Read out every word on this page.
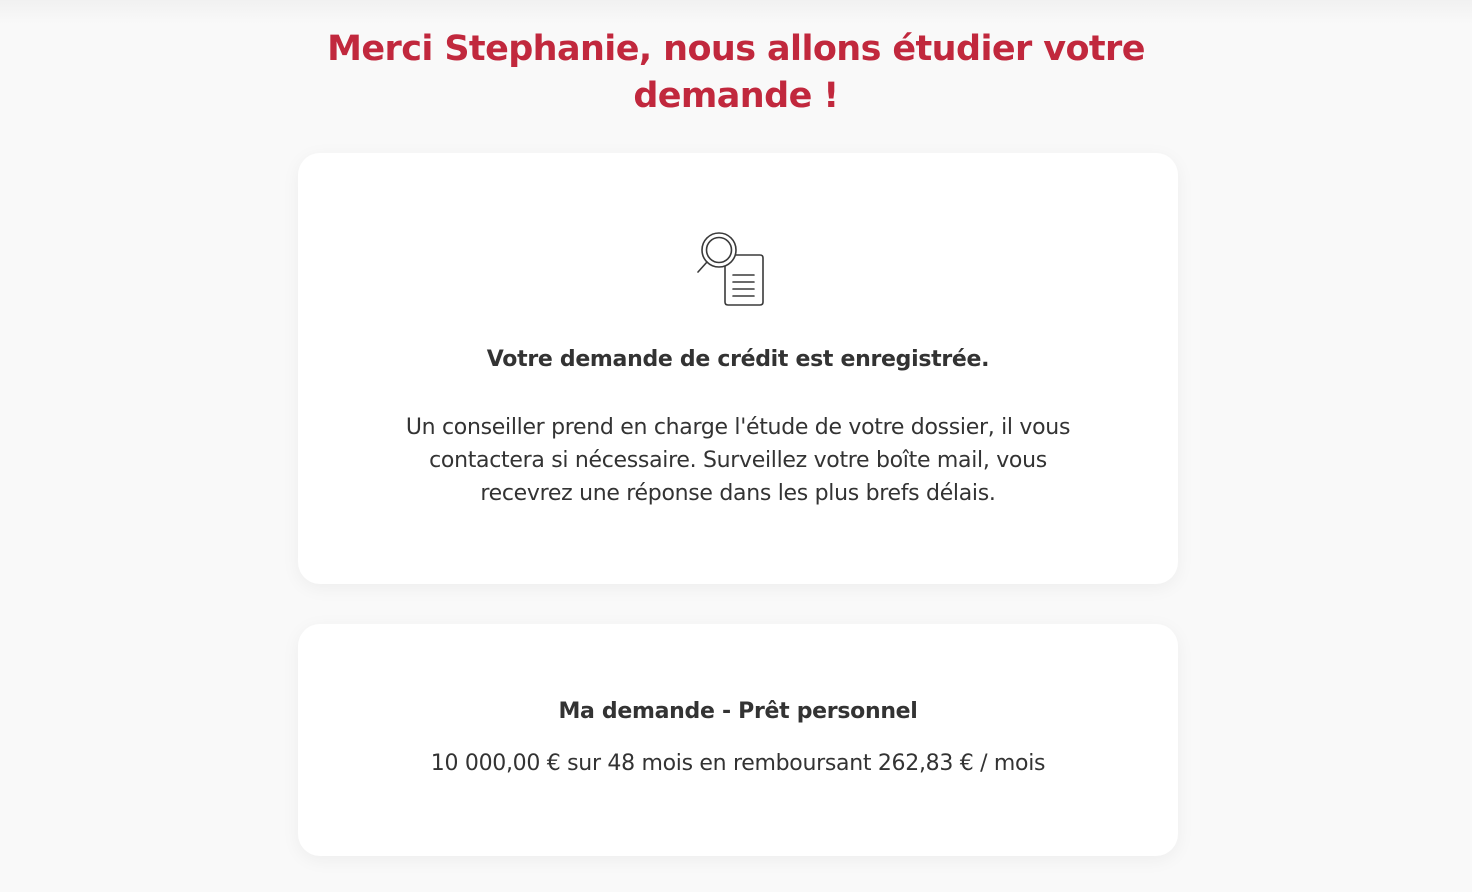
Merci Stephanie, nous allons étudier votre
demande !
Votre demande de crédit est enregistrée.
Un conseiller prend en charge l'étude de votre dossier, il vous
contactera si nécessaire. Surveillez votre boîte mail, vous
recevrez une réponse dans les plus brefs délais.
Ma demande - Prêt personnel
10 000,00 € sur 48 mois en remboursant 262,83 € / mois
